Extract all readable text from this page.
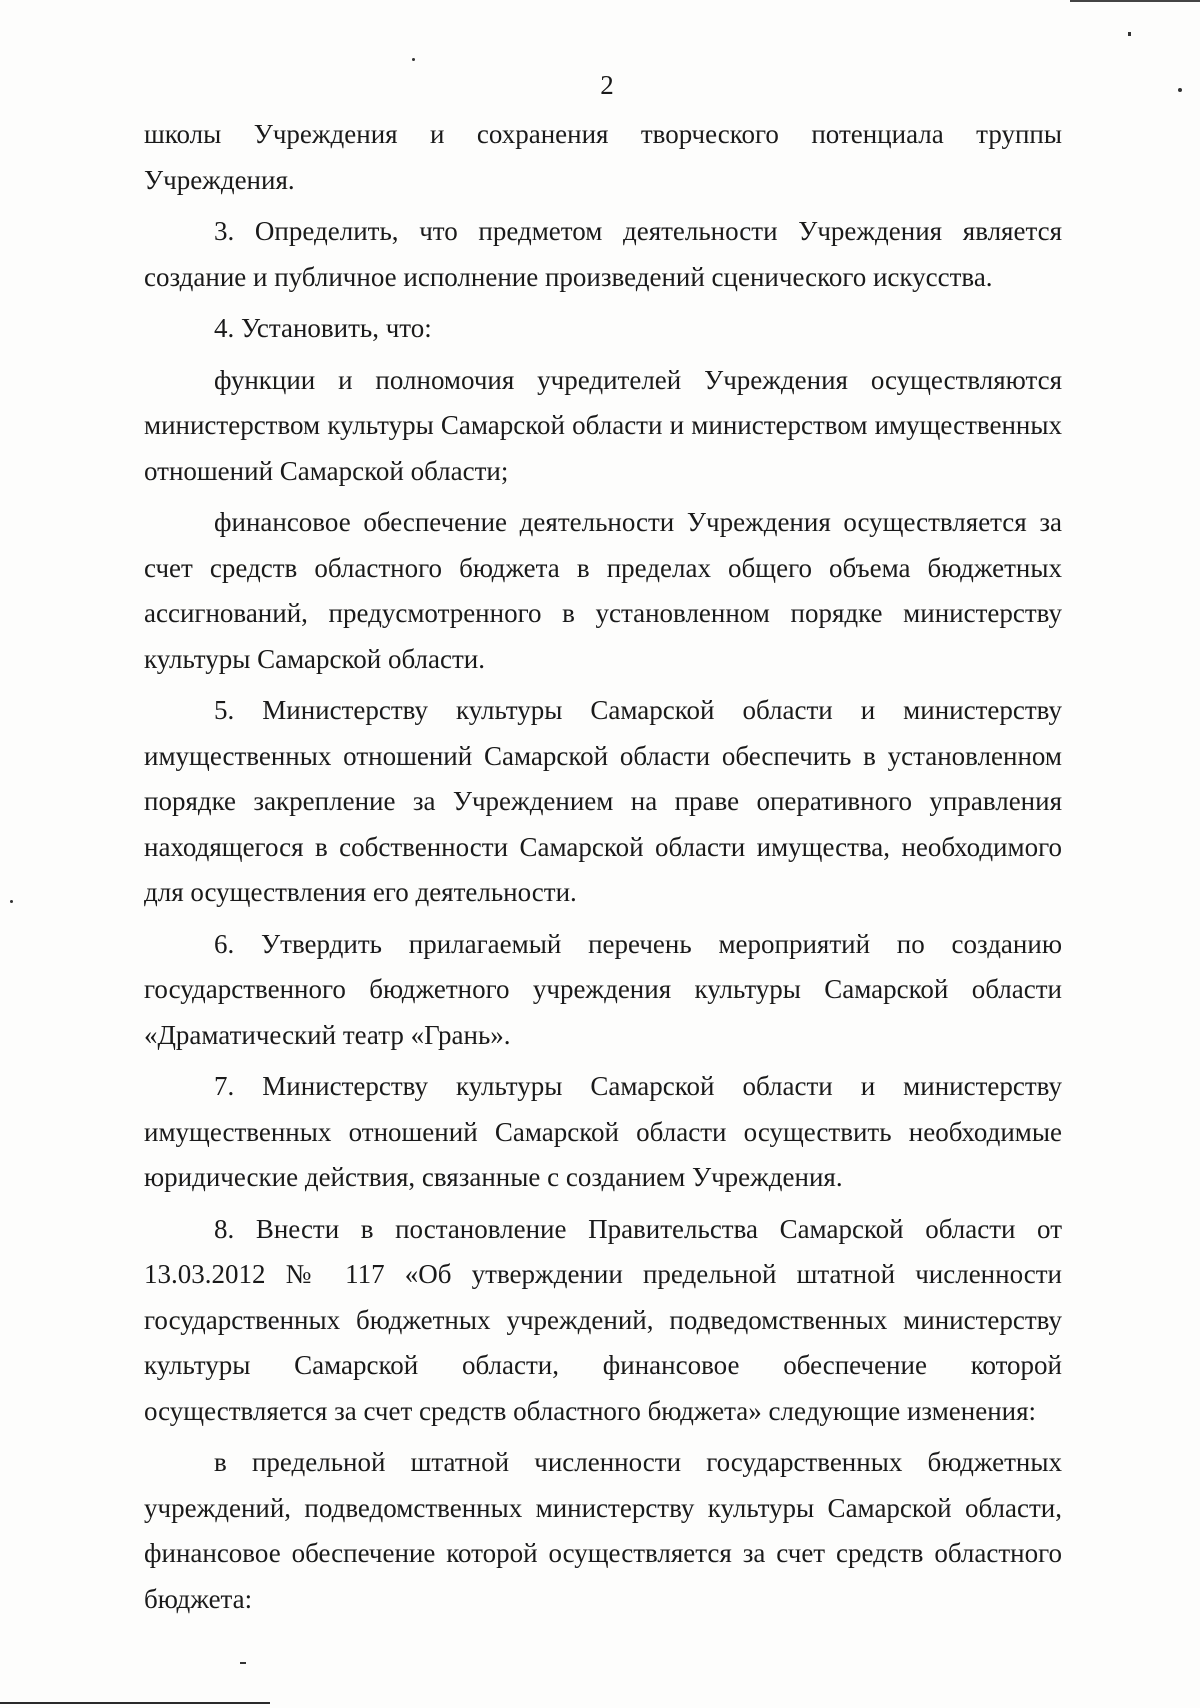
2

школы Учреждения и сохранения творческого потенциала труппы Учреждения.

3. Определить, что предметом деятельности Учреждения является создание и публичное исполнение произведений сценического искусства.

4. Установить, что:

функции и полномочия учредителей Учреждения осуществляются министерством культуры Самарской области и министерством имущественных отношений Самарской области;

финансовое обеспечение деятельности Учреждения осуществляется за счет средств областного бюджета в пределах общего объема бюджетных ассигнований, предусмотренного в установленном порядке министерству культуры Самарской области.

5. Министерству культуры Самарской области и министерству имущественных отношений Самарской области обеспечить в установленном порядке закрепление за Учреждением на праве оперативного управления находящегося в собственности Самарской области имущества, необходимого для осуществления его деятельности.

6. Утвердить прилагаемый перечень мероприятий по созданию государственного бюджетного учреждения культуры Самарской области «Драматический театр «Грань».

7. Министерству культуры Самарской области и министерству имущественных отношений Самарской области осуществить необходимые юридические действия, связанные с созданием Учреждения.

8. Внести в постановление Правительства Самарской области от 13.03.2012 № 117 «Об утверждении предельной штатной численности государственных бюджетных учреждений, подведомственных министерству культуры Самарской области, финансовое обеспечение которой осуществляется за счет средств областного бюджета» следующие изменения:

в предельной штатной численности государственных бюджетных учреждений, подведомственных министерству культуры Самарской области, финансовое обеспечение которой осуществляется за счет средств областного бюджета:
